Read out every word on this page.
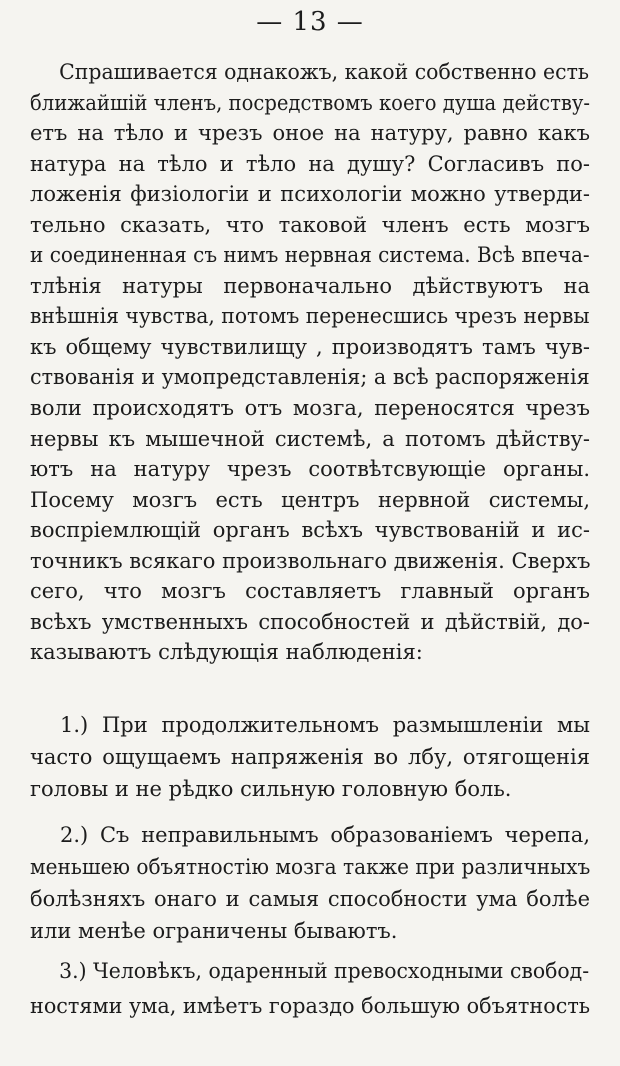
— 13 —
Спрашивается однакожъ, какой собственно есть
ближайшій членъ, посредствомъ коего душа действу-
етъ на тѣло и чрезъ оное на натуру, равно какъ
натура на тѣло и тѣло на душу? Согласивъ по-
ложенія физіологіи и психологіи можно утверди-
тельно сказать, что таковой членъ есть мозгъ
и соединенная съ нимъ нервная система. Всѣ впеча-
тлѣнія натуры первоначально дѣйствуютъ на
внѣшнія чувства, потомъ перенесшись чрезъ нервы
къ общему чувствилищу , производятъ тамъ чув-
ствованія и умопредставленія; а всѣ распоряженія
воли происходятъ отъ мозга, переносятся чрезъ
нервы къ мышечной системѣ, а потомъ дѣйству-
ютъ на натуру чрезъ соотвѣтсвующіе органы.
Посему мозгъ есть центръ нервной системы,
воспріемлющій органъ всѣхъ чувствованій и ис-
точникъ всякаго произвольнаго движенія. Сверхъ
сего, что мозгъ составляетъ главный органъ
всѣхъ умственныхъ способностей и дѣйствій, до-
казываютъ слѣдующія наблюденія:
1.) При продолжительномъ размышленіи мы
часто ощущаемъ напряженія во лбу, отягощенія
головы и не рѣдко сильную головную боль.
2.) Съ неправильнымъ образованіемъ черепа,
меньшею объятностію мозга также при различныхъ
болѣзняхъ онаго и самыя способности ума болѣе
или менѣе ограничены бываютъ.
3.) Человѣкъ, одаренный превосходными свобод-
ностями ума, имѣетъ гораздо большую объятность
